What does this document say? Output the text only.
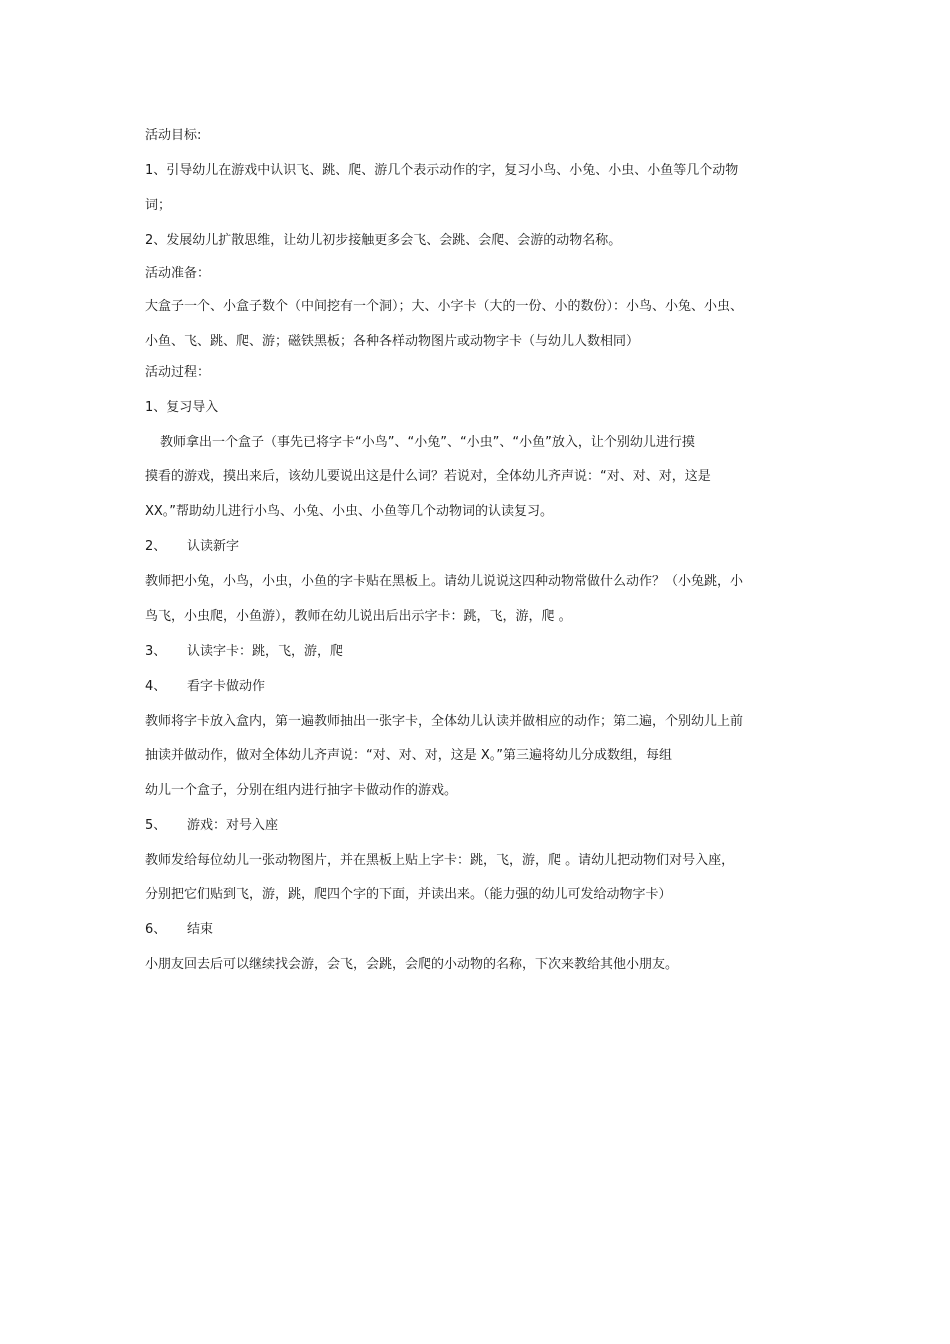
活动目标:
1、引导幼儿在游戏中认识飞、跳、爬、游几个表示动作的字，复习小鸟、小兔、小虫、小鱼等几个动物
词；
2、发展幼儿扩散思维，让幼儿初步接触更多会飞、会跳、会爬、会游的动物名称。
活动准备：
大盒子一个、小盒子数个（中间挖有一个洞）；大、小字卡（大的一份、小的数份）：小鸟、小兔、小虫、
小鱼、飞、跳、爬、游；磁铁黑板；各种各样动物图片或动物字卡（与幼儿人数相同）
活动过程：
1、复习导入
教师拿出一个盒子（事先已将字卡“小鸟”、“小兔”、“小虫”、“小鱼”放入，让个别幼儿进行摸
摸看的游戏，摸出来后，该幼儿要说出这是什么词？若说对，全体幼儿齐声说：“对、对、对，这是
XX。”帮助幼儿进行小鸟、小兔、小虫、小鱼等几个动物词的认读复习。
2、 认读新字
教师把小兔，小鸟，小虫，小鱼的字卡贴在黑板上。请幼儿说说这四种动物常做什么动作？（小兔跳，小
鸟飞，小虫爬，小鱼游），教师在幼儿说出后出示字卡：跳，飞，游，爬 。
3、 认读字卡：跳，飞，游，爬
4、 看字卡做动作
教师将字卡放入盒内，第一遍教师抽出一张字卡，全体幼儿认读并做相应的动作；第二遍，个别幼儿上前
抽读并做动作，做对全体幼儿齐声说：“对、对、对，这是 X。”第三遍将幼儿分成数组，每组
幼儿一个盒子，分别在组内进行抽字卡做动作的游戏。
5、 游戏：对号入座
教师发给每位幼儿一张动物图片，并在黑板上贴上字卡：跳，飞，游，爬 。请幼儿把动物们对号入座，
分别把它们贴到飞，游，跳，爬四个字的下面，并读出来。（能力强的幼儿可发给动物字卡）
6、 结束
小朋友回去后可以继续找会游，会飞，会跳，会爬的小动物的名称，下次来教给其他小朋友。
